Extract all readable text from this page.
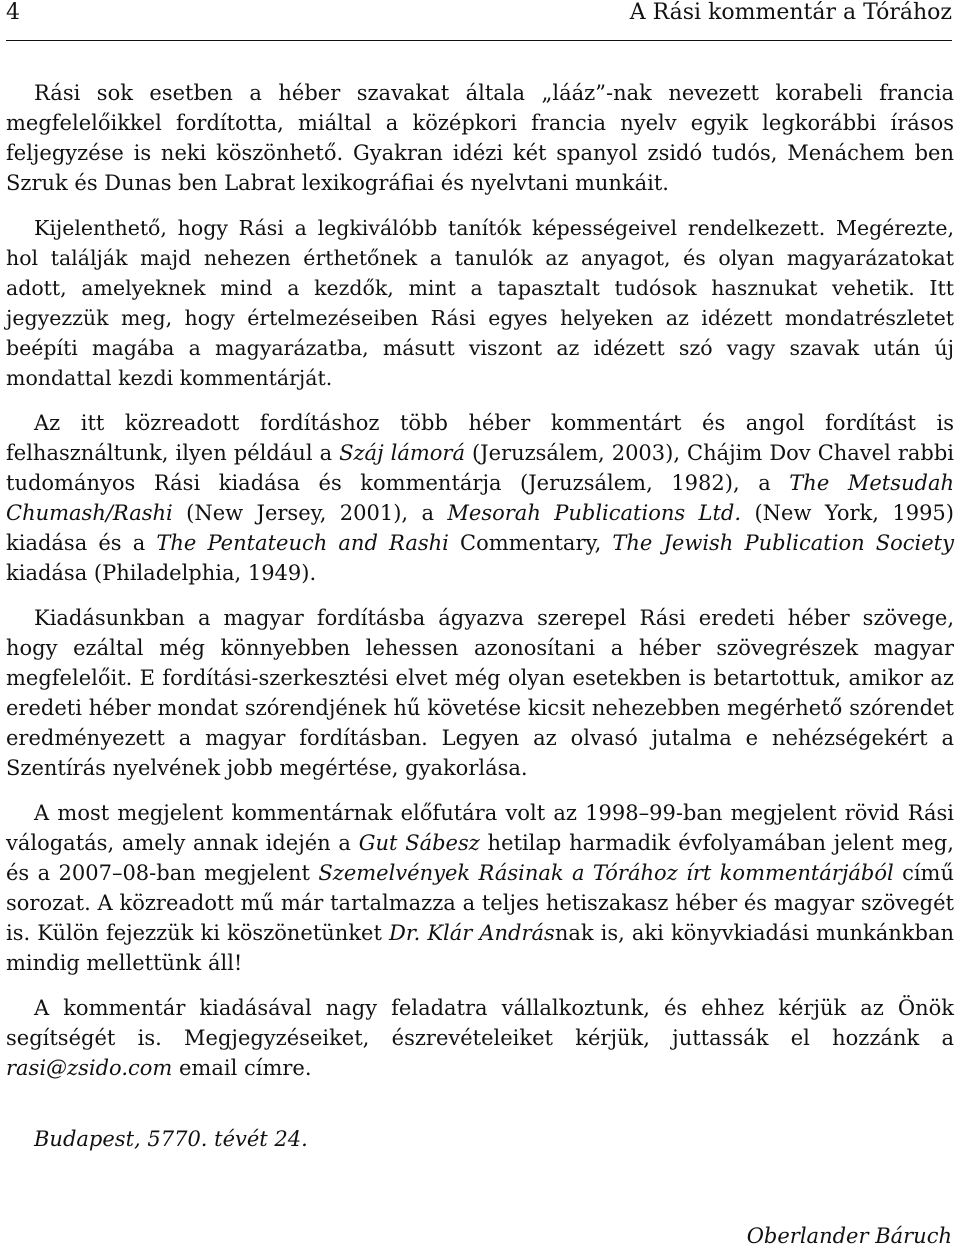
4	A Rási kommentár a Tórához

Rási sok esetben a héber szavakat általa „lááz”-nak nevezett korabeli francia megfelelőikkel fordította, miáltal a középkori francia nyelv egyik legkorábbi írásos feljegyzése is neki köszönhető. Gyakran idézi két spanyol zsidó tudós, Menáchem ben Szruk és Dunas ben Labrat lexikográfiai és nyelvtani munkáit.

Kijelenthető, hogy Rási a legkiválóbb tanítók képességeivel rendelkezett. Megérezte, hol találják majd nehezen érthetőnek a tanulók az anyagot, és olyan magyarázatokat adott, amelyeknek mind a kezdők, mint a tapasztalt tudósok hasznukat vehetik. Itt jegyezzük meg, hogy értelmezéseiben Rási egyes helyeken az idézett mondatrészletet beépíti magába a magyarázatba, másutt viszont az idézett szó vagy szavak után új mondattal kezdi kommentárját.

Az itt közreadott fordításhoz több héber kommentárt és angol fordítást is felhasználtunk, ilyen például a Száj lámorá (Jeruzsálem, 2003), Chájim Dov Chavel rabbi tudományos Rási kiadása és kommentárja (Jeruzsálem, 1982), a The Metsudah Chumash/Rashi (New Jersey, 2001), a Mesorah Publications Ltd. (New York, 1995) kiadása és a The Pentateuch and Rashi Commentary, The Jewish Publication Society kiadása (Philadelphia, 1949).

Kiadásunkban a magyar fordításba ágyazva szerepel Rási eredeti héber szövege, hogy ezáltal még könnyebben lehessen azonosítani a héber szövegrészek magyar megfelelőit. E fordítási-szerkesztési elvet még olyan esetekben is betartottuk, amikor az eredeti héber mondat szórendjének hű követése kicsit nehezebben megérhető szórendet eredményezett a magyar fordításban. Legyen az olvasó jutalma e nehézségekért a Szentírás nyelvének jobb megértése, gyakorlása.

A most megjelent kommentárnak előfutára volt az 1998–99-ban megjelent rövid Rási válogatás, amely annak idején a Gut Sábesz hetilap harmadik évfolyamában jelent meg, és a 2007–08-ban megjelent Szemelvények Rásinak a Tórához írt kommentárjából című sorozat. A közreadott mű már tartalmazza a teljes hetiszakasz héber és magyar szövegét is. Külön fejezzük ki köszönetünket Dr. Klár Andrásnak is, aki könyvkiadási munkánkban mindig mellettünk áll!

A kommentár kiadásával nagy feladatra vállalkoztunk, és ehhez kérjük az Önök segítségét is. Megjegyzéseiket, észrevételeiket kérjük, juttassák el hozzánk a rasi@zsido.com email címre.

Budapest, 5770. tévét 24.
Oberlander Báruch
